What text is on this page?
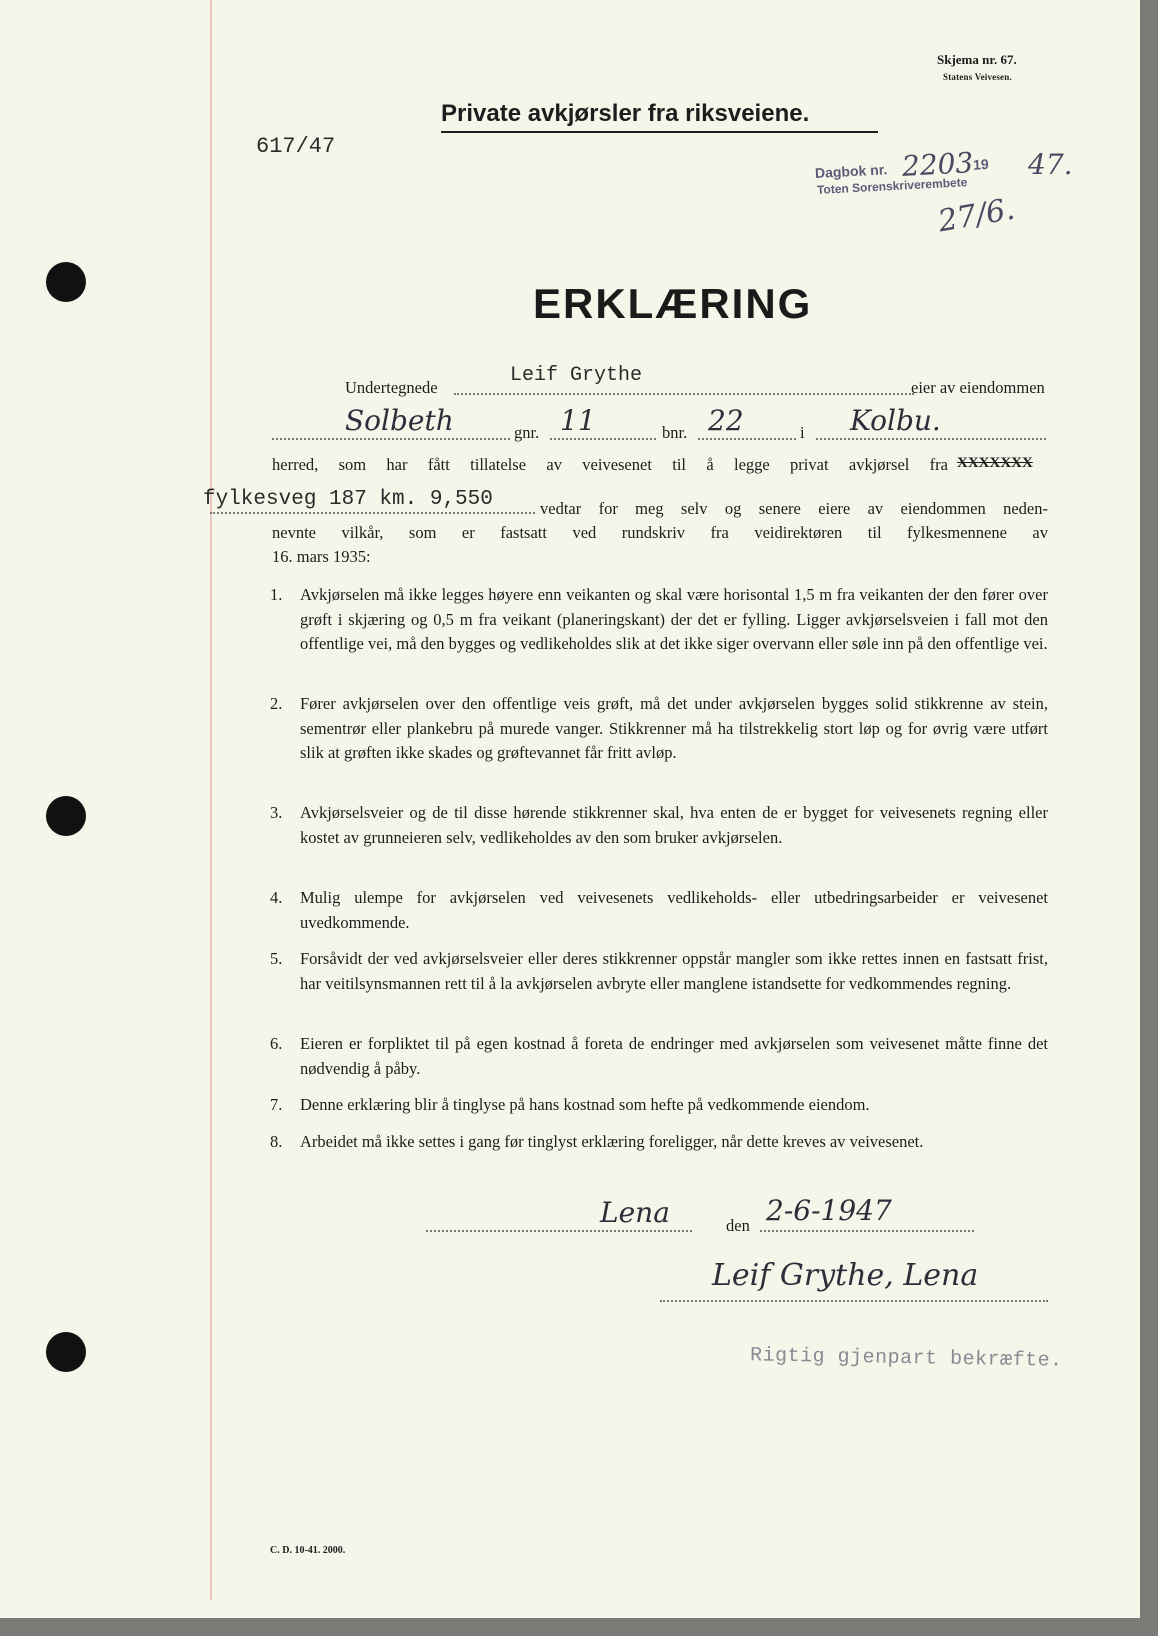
Skjema nr. 67.
Statens Veivesen.
Private avkjørsler fra riksveiene.
617/47
Dagbok nr.	19
Toten Sorenskriverembete
2203 47.
27/6.
ERKLÆRING
Undertegnede
Leif Grythe
eier av eiendommen
Solbeth	gnr. 11	bnr. 22	i Kolbu.
herred, som har fått tillatelse av veivesenet til å legge privat avkjørsel fra XXXXXXX
fylkesveg 187 km. 9,550	vedtar for meg selv og senere eiere av eiendommen neden-
nevnte vilkår, som er fastsatt ved rundskriv fra veidirektøren til fylkesmennene av
16. mars 1935:
1. Avkjørselen må ikke legges høyere enn veikanten og skal være horisontal 1,5 m fra veikanten der den fører over grøft i skjæring og 0,5 m fra veikant (planeringskant) der det er fylling. Ligger avkjørselsveien i fall mot den offentlige vei, må den bygges og vedlikeholdes slik at det ikke siger overvann eller søle inn på den offentlige vei.
2. Fører avkjørselen over den offentlige veis grøft, må det under avkjørselen bygges solid stikkrenne av stein, sementrør eller plankebru på murede vanger. Stikkrenner må ha tilstrekkelig stort løp og for øvrig være utført slik at grøften ikke skades og grøftevannet får fritt avløp.
3. Avkjørselsveier og de til disse hørende stikkrenner skal, hva enten de er bygget for veivesenets regning eller kostet av grunneieren selv, vedlikeholdes av den som bruker avkjørselen.
4. Mulig ulempe for avkjørselen ved veivesenets vedlikeholds- eller utbedringsarbeider er veivesenet uvedkommende.
5. Forsåvidt der ved avkjørselsveier eller deres stikkrenner oppstår mangler som ikke rettes innen en fastsatt frist, har veitilsynsmannen rett til å la avkjørselen avbryte eller manglene istandsette for vedkommendes regning.
6. Eieren er forpliktet til på egen kostnad å foreta de endringer med avkjørselen som veivesenet måtte finne det nødvendig å påby.
7. Denne erklæring blir å tinglyse på hans kostnad som hefte på vedkommende eiendom.
8. Arbeidet må ikke settes i gang før tinglyst erklæring foreligger, når dette kreves av veivesenet.
Lena	den 2-6-1947
Leif Grythe, Lena
Rigtig gjenpart bekræfte.
C. D. 10-41. 2000.
